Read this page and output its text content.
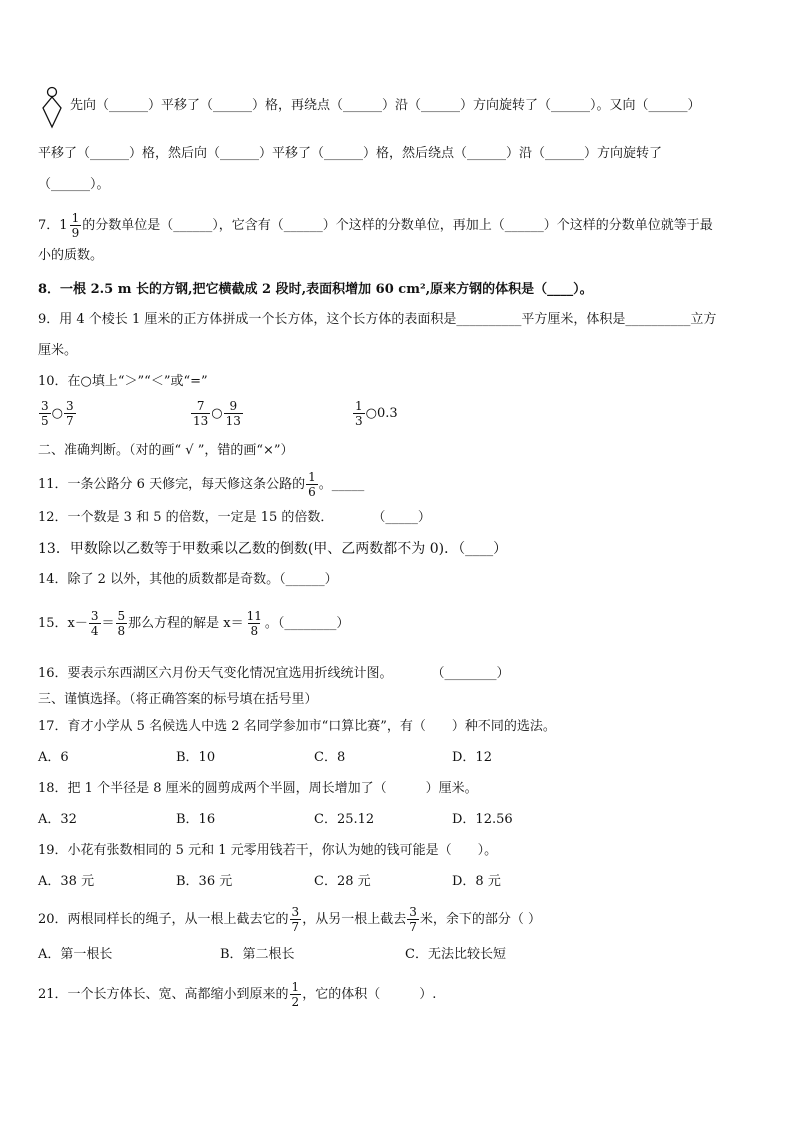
先向（______）平移了（______）格，再绕点（______）沿（______）方向旋转了（______）。又向（______）
平移了（______）格，然后向（______）平移了（______）格，然后绕点（______）沿（______）方向旋转了
（______）。
7． 1 1
9 的分数单位是（______），它含有（______）个这样的分数单位，再加上（______）个这样的分数单位就等于最
小的质数。
8．一根 2.5 m 长的方钢,把它横截成 2 段时,表面积增加 60 cm²,原来方钢的体积是（____）。
9．用 4 个棱长 1 厘米的正方体拼成一个长方体，这个长方体的表面积是__________平方厘米，体积是__________立方
厘米。
10．在○填上“＞”“＜”或“=”
3
5 ○ 3
7
7
13 ○ 9
13
1
3 ○ 0.3
二、准确判断。（对的画“ √ ”，错的画“×”）
11．一条公路分 6 天修完，每天修这条公路的 $\frac{1}{6}$ 。_____
12．一个数是 3 和 5 的倍数，一定是 15 的倍数．　　　　（_____）
13．甲数除以乙数等于甲数乘以乙数的倒数(甲、乙两数都不为 0)．（____）
14．除了 2 以外，其他的质数都是奇数。（______）
15．$x- \frac{3}{4} = \frac{5}{8}$ 那么方程的解是 $x= \frac{11}{8}$ 。（________）
16．要表示东西湖区六月份天气变化情况宜选用折线统计图。　　　　（________）
三、谨慎选择。（将正确答案的标号填在括号里）
17．育才小学从 5 名候选人中选 2 名同学参加市“口算比赛”，有（　　）种不同的选法。
A．6	B．10	C．8	D．12
18．把 1 个半径是 8 厘米的圆剪成两个半圆，周长增加了（　　　）厘米。
A．32	B．16	C．25.12	D．12.56
19．小花有张数相同的 5 元和 1 元零用钱若干，你认为她的钱可能是（　　）。
A．38 元	B．36 元	C．28 元	D．8 元
20．两根同样长的绳子，从一根上截去它的 $\frac{3}{7}$ ，从另一根上截去 $\frac{3}{7}$ 米，余下的部分（ ）
A．第一根长	B．第二根长	C．无法比较长短
21．一个长方体长、宽、高都缩小到原来的 $\frac{1}{2}$ ，它的体积（　　　）.
